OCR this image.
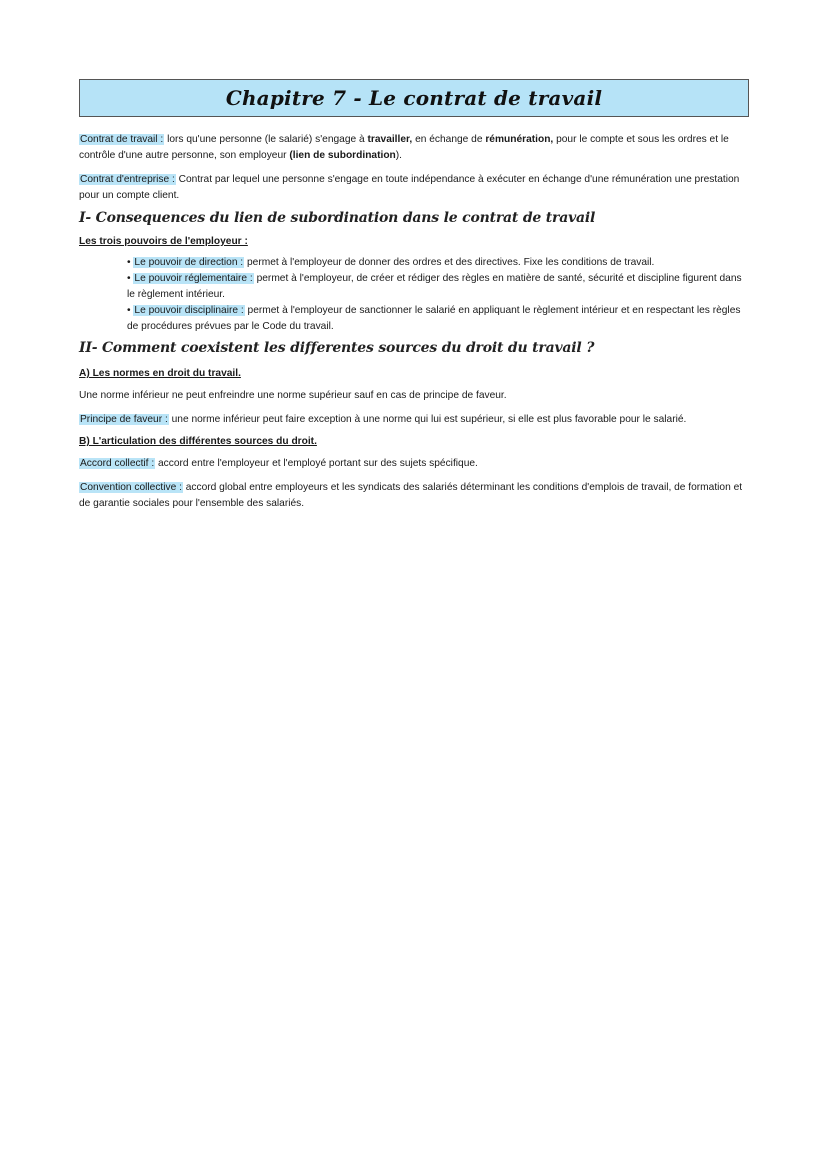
Chapitre 7 - Le contrat de travail

Contrat de travail : lors qu'une personne (le salarié) s'engage à travailler, en échange de rémunération, pour le compte et sous les ordres et le contrôle d'une autre personne, son employeur (lien de subordination).

Contrat d'entreprise : Contrat par lequel une personne s'engage en toute indépendance à exécuter en échange d'une rémunération une prestation pour un compte client.

I- Consequences du lien de subordination dans le contrat de travail

Les trois pouvoirs de l'employeur :

• Le pouvoir de direction : permet à l'employeur de donner des ordres et des directives. Fixe les conditions de travail.
• Le pouvoir réglementaire : permet à l'employeur, de créer et rédiger des règles en matière de santé, sécurité et discipline figurent dans le règlement intérieur.
• Le pouvoir disciplinaire : permet à l'employeur de sanctionner le salarié en appliquant le règlement intérieur et en respectant les règles de procédures prévues par le Code du travail.
II- Comment coexistent les differentes sources du droit du travail ?

A) Les normes en droit du travail.

Une norme inférieur ne peut enfreindre une norme supérieur sauf en cas de principe de faveur.

Principe de faveur : une norme inférieur peut faire exception à une norme qui lui est supérieur, si elle est plus favorable pour le salarié.

B) L'articulation des différentes sources du droit.

Accord collectif : accord entre l'employeur et l'employé portant sur des sujets spécifique.

Convention collective : accord global entre employeurs et les syndicats des salariés déterminant les conditions d'emplois de travail, de formation et de garantie sociales pour l'ensemble des salariés.
